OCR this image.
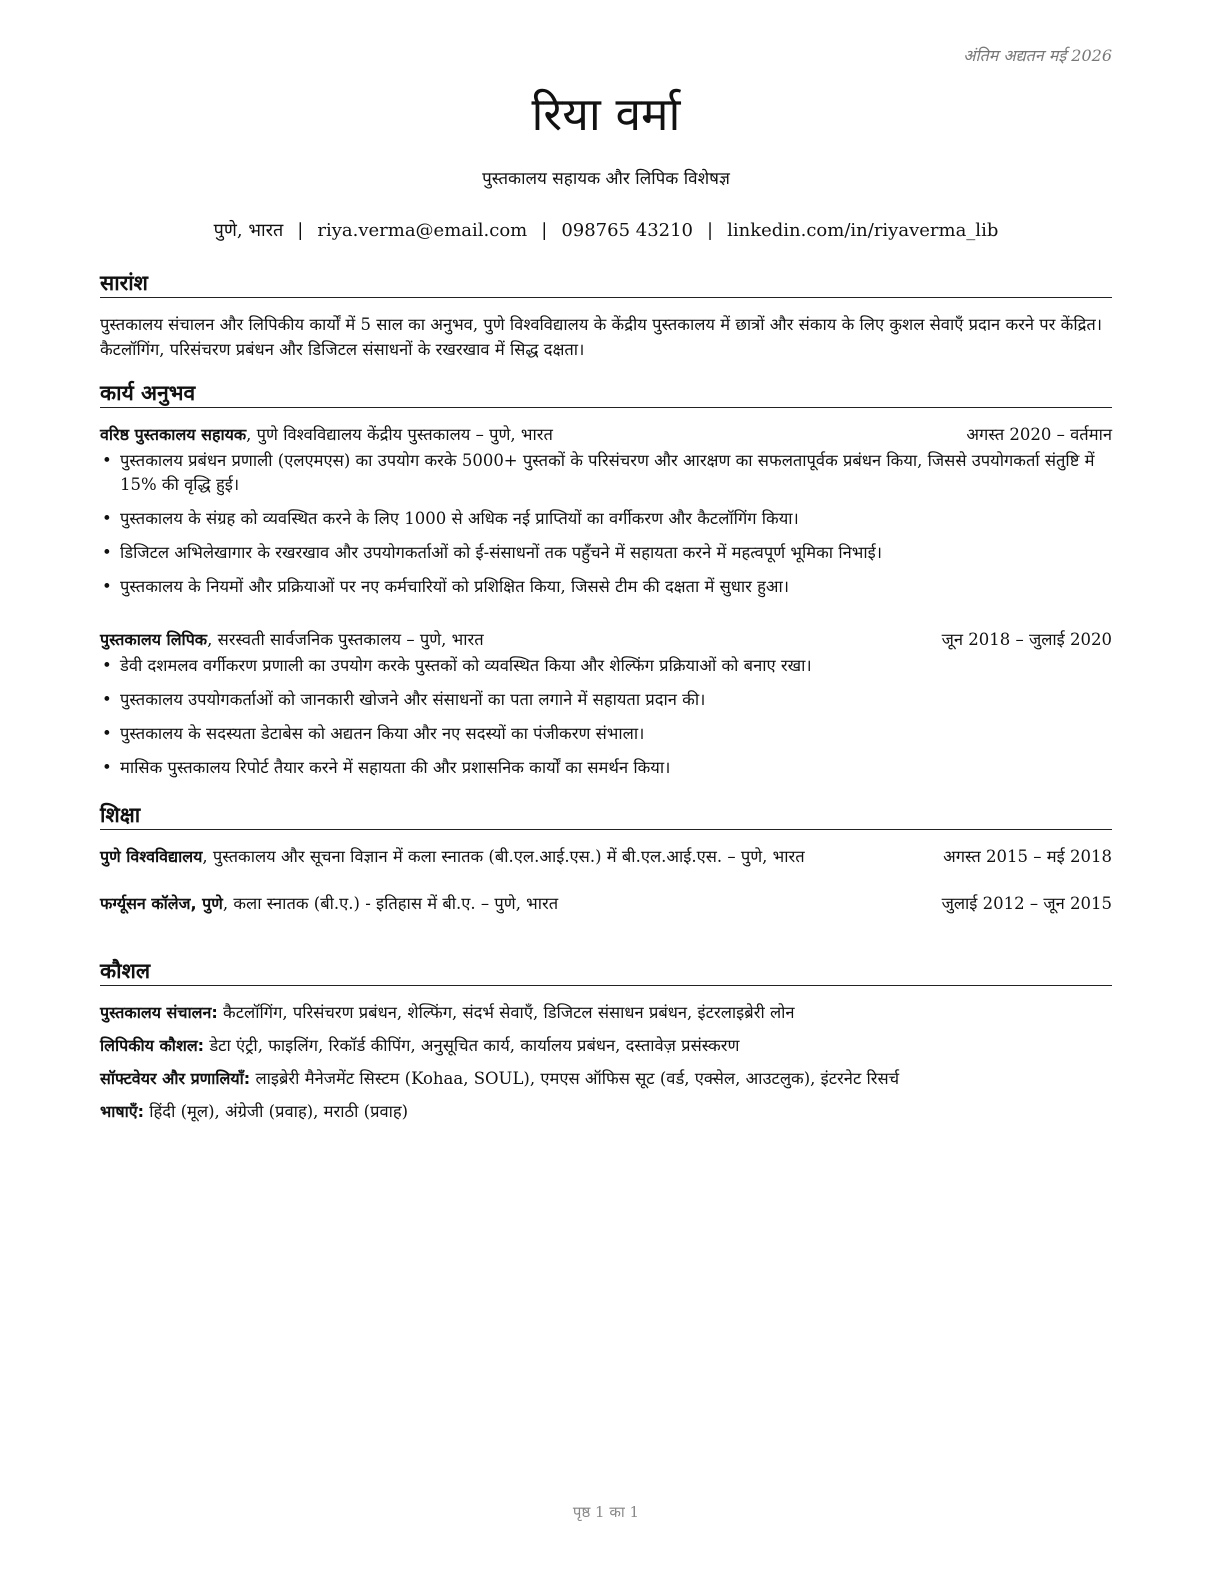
अंतिम अद्यतन मई 2026
रिया वर्मा
पुस्तकालय सहायक और लिपिक विशेषज्ञ
पुणे, भारत | riya.verma@email.com | 098765 43210 | linkedin.com/in/riyaverma_lib
सारांश
पुस्तकालय संचालन और लिपिकीय कार्यों में 5 साल का अनुभव, पुणे विश्वविद्यालय के केंद्रीय पुस्तकालय में छात्रों और संकाय के लिए कुशल सेवाएँ प्रदान करने पर केंद्रित। कैटलॉगिंग, परिसंचरण प्रबंधन और डिजिटल संसाधनों के रखरखाव में सिद्ध दक्षता।
कार्य अनुभव
वरिष्ठ पुस्तकालय सहायक, पुणे विश्वविद्यालय केंद्रीय पुस्तकालय – पुणे, भारत	अगस्त 2020 – वर्तमान
• पुस्तकालय प्रबंधन प्रणाली (एलएमएस) का उपयोग करके 5000+ पुस्तकों के परिसंचरण और आरक्षण का सफलतापूर्वक प्रबंधन किया, जिससे उपयोगकर्ता संतुष्टि में 15% की वृद्धि हुई।
• पुस्तकालय के संग्रह को व्यवस्थित करने के लिए 1000 से अधिक नई प्राप्तियों का वर्गीकरण और कैटलॉगिंग किया।
• डिजिटल अभिलेखागार के रखरखाव और उपयोगकर्ताओं को ई-संसाधनों तक पहुँचने में सहायता करने में महत्वपूर्ण भूमिका निभाई।
• पुस्तकालय के नियमों और प्रक्रियाओं पर नए कर्मचारियों को प्रशिक्षित किया, जिससे टीम की दक्षता में सुधार हुआ।
पुस्तकालय लिपिक, सरस्वती सार्वजनिक पुस्तकालय – पुणे, भारत	जून 2018 – जुलाई 2020
• डेवी दशमलव वर्गीकरण प्रणाली का उपयोग करके पुस्तकों को व्यवस्थित किया और शेल्फिंग प्रक्रियाओं को बनाए रखा।
• पुस्तकालय उपयोगकर्ताओं को जानकारी खोजने और संसाधनों का पता लगाने में सहायता प्रदान की।
• पुस्तकालय के सदस्यता डेटाबेस को अद्यतन किया और नए सदस्यों का पंजीकरण संभाला।
• मासिक पुस्तकालय रिपोर्ट तैयार करने में सहायता की और प्रशासनिक कार्यों का समर्थन किया।
शिक्षा
पुणे विश्वविद्यालय, पुस्तकालय और सूचना विज्ञान में कला स्नातक (बी.एल.आई.एस.) में बी.एल.आई.एस. – पुणे, भारत	अगस्त 2015 – मई 2018
फर्ग्यूसन कॉलेज, पुणे, कला स्नातक (बी.ए.) - इतिहास में बी.ए. – पुणे, भारत	जुलाई 2012 – जून 2015
कौशल
पुस्तकालय संचालन: कैटलॉगिंग, परिसंचरण प्रबंधन, शेल्फिंग, संदर्भ सेवाएँ, डिजिटल संसाधन प्रबंधन, इंटरलाइब्रेरी लोन
लिपिकीय कौशल: डेटा एंट्री, फाइलिंग, रिकॉर्ड कीपिंग, अनुसूचित कार्य, कार्यालय प्रबंधन, दस्तावेज़ प्रसंस्करण
सॉफ्टवेयर और प्रणालियाँ: लाइब्रेरी मैनेजमेंट सिस्टम (Kohaa, SOUL), एमएस ऑफिस सूट (वर्ड, एक्सेल, आउटलुक), इंटरनेट रिसर्च
भाषाएँ: हिंदी (मूल), अंग्रेजी (प्रवाह), मराठी (प्रवाह)
पृष्ठ 1 का 1
